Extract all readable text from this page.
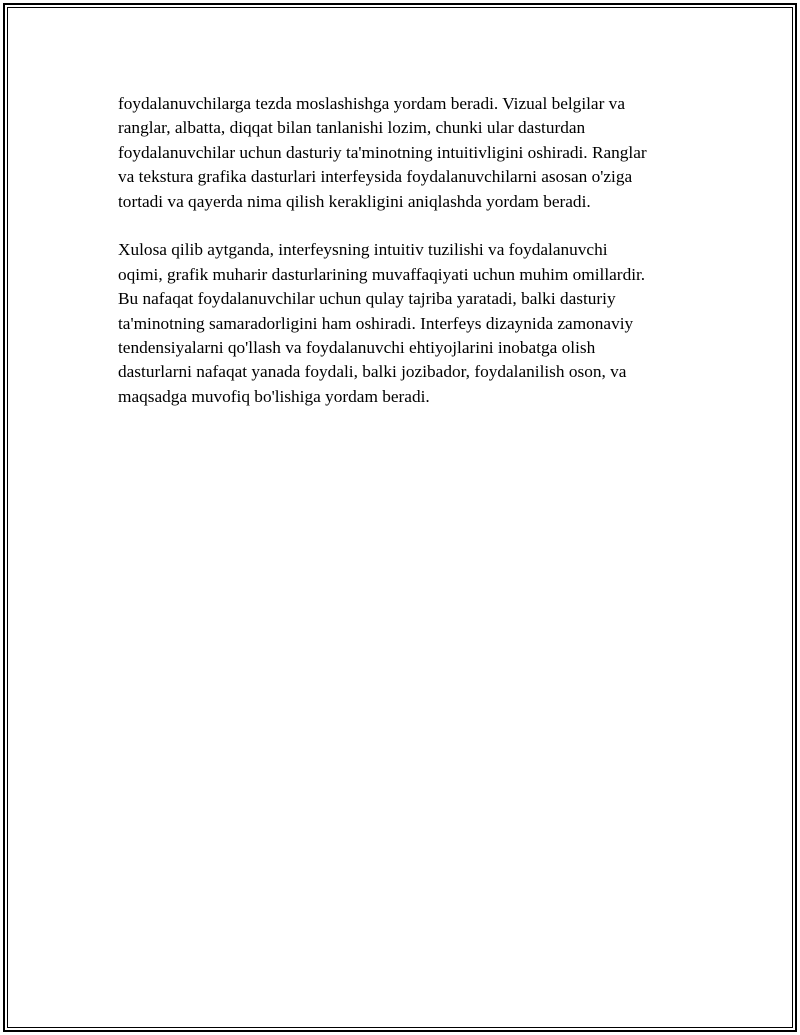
foydalanuvchilarga tezda moslashishga yordam beradi. Vizual belgilar va
ranglar, albatta, diqqat bilan tanlanishi lozim, chunki ular dasturdan
foydalanuvchilar uchun dasturiy ta'minotning intuitivligini oshiradi. Ranglar
va tekstura grafika dasturlari interfeysida foydalanuvchilarni asosan o'ziga
tortadi va qayerda nima qilish kerakligini aniqlashda yordam beradi.

Xulosa qilib aytganda, interfeysning intuitiv tuzilishi va foydalanuvchi
oqimi, grafik muharir dasturlarining muvaffaqiyati uchun muhim omillardir.
Bu nafaqat foydalanuvchilar uchun qulay tajriba yaratadi, balki dasturiy
ta'minotning samaradorligini ham oshiradi. Interfeys dizaynida zamonaviy
tendensiyalarni qo'llash va foydalanuvchi ehtiyojlarini inobatga olish
dasturlarni nafaqat yanada foydali, balki jozibador, foydalanilish oson, va
maqsadga muvofiq bo'lishiga yordam beradi.
